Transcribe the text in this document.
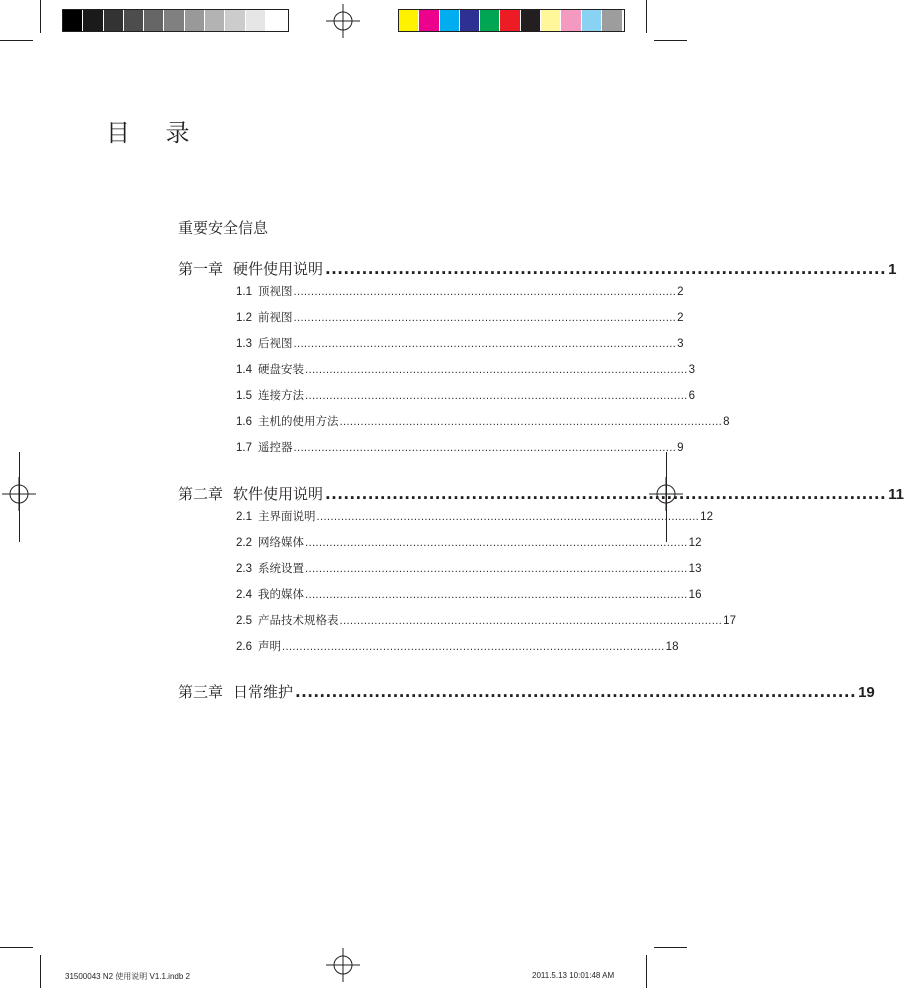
目 录
重要安全信息
第一章 硬件使用说明 ............................................................................................ 1
1.1 顶视图 .............................................................................................................. 2
1.2 前视图 .............................................................................................................. 2
1.3 后视图 .............................................................................................................. 3
1.4 硬盘安装 .............................................................................................................. 3
1.5 连接方法 .............................................................................................................. 6
1.6 主机的使用方法 .............................................................................................................. 8
1.7 遥控器 .............................................................................................................. 9
第二章 软件使用说明 ............................................................................................ 11
2.1 主界面说明 .............................................................................................................. 12
2.2 网络媒体 .............................................................................................................. 12
2.3 系统设置 .............................................................................................................. 13
2.4 我的媒体 .............................................................................................................. 16
2.5 产品技术规格表 .............................................................................................................. 17
2.6 声明 .............................................................................................................. 18
第三章 日常维护 ............................................................................................ 19
31500043 N2 使用说明 V1.1.indb 2	2011.5.13 10:01:48 AM
